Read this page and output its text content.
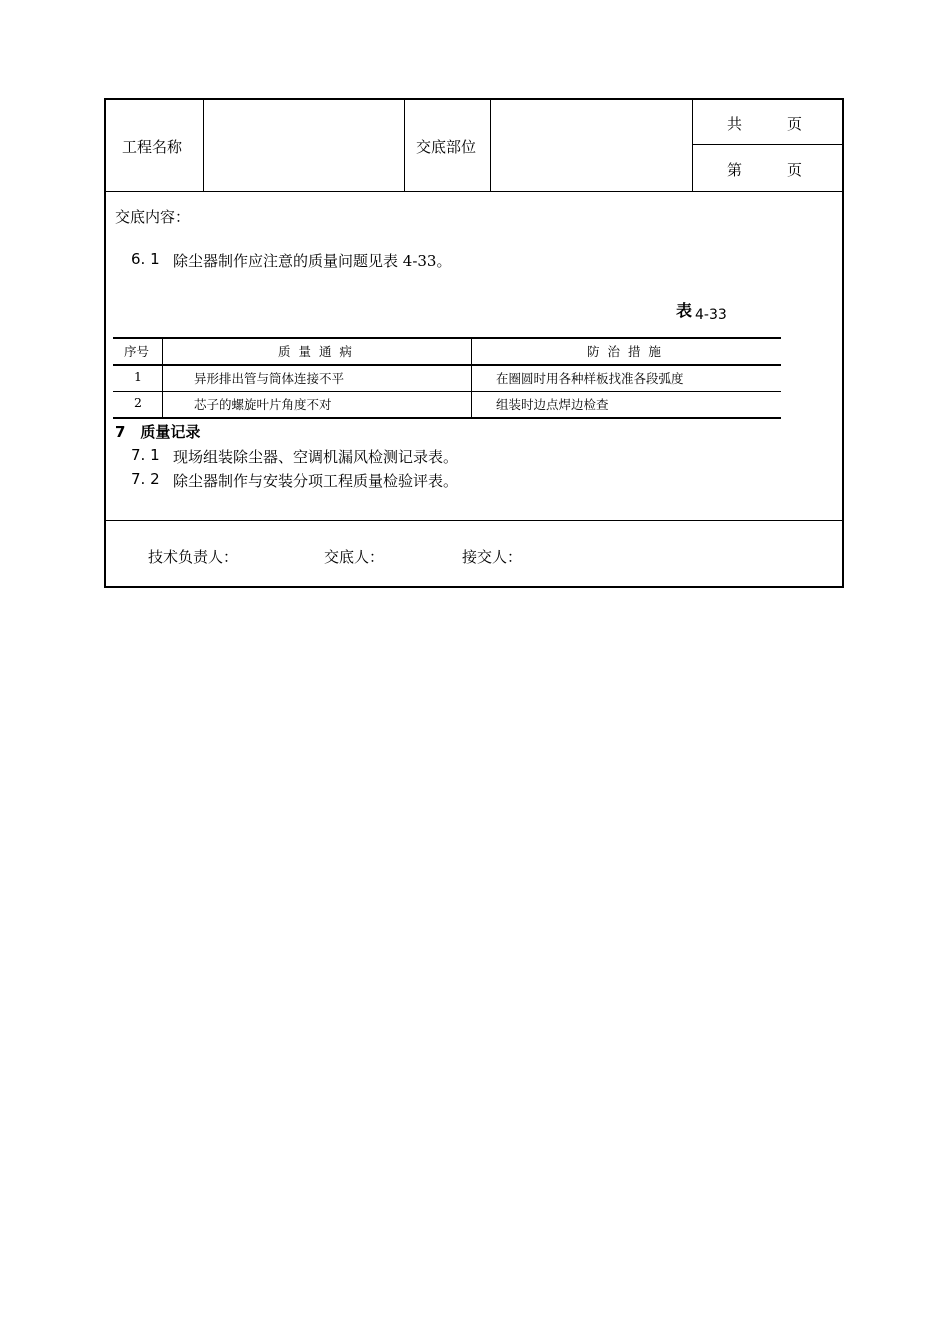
工程名称	交底部位
共　　　页
第　　　页
交底内容：
6. 1 除尘器制作应注意的质量问题见表 4-33。
表 4-33
序号	质 量 通 病	防 治 措 施
1	异形排出管与筒体连接不平	在圈圆时用各种样板找准各段弧度
2	芯子的螺旋叶片角度不对	组装时边点焊边检查
7　质量记录
7. 1 现场组装除尘器、空调机漏风检测记录表。
7. 2 除尘器制作与安装分项工程质量检验评表。
技术负责人：	交底人：	接交人：
